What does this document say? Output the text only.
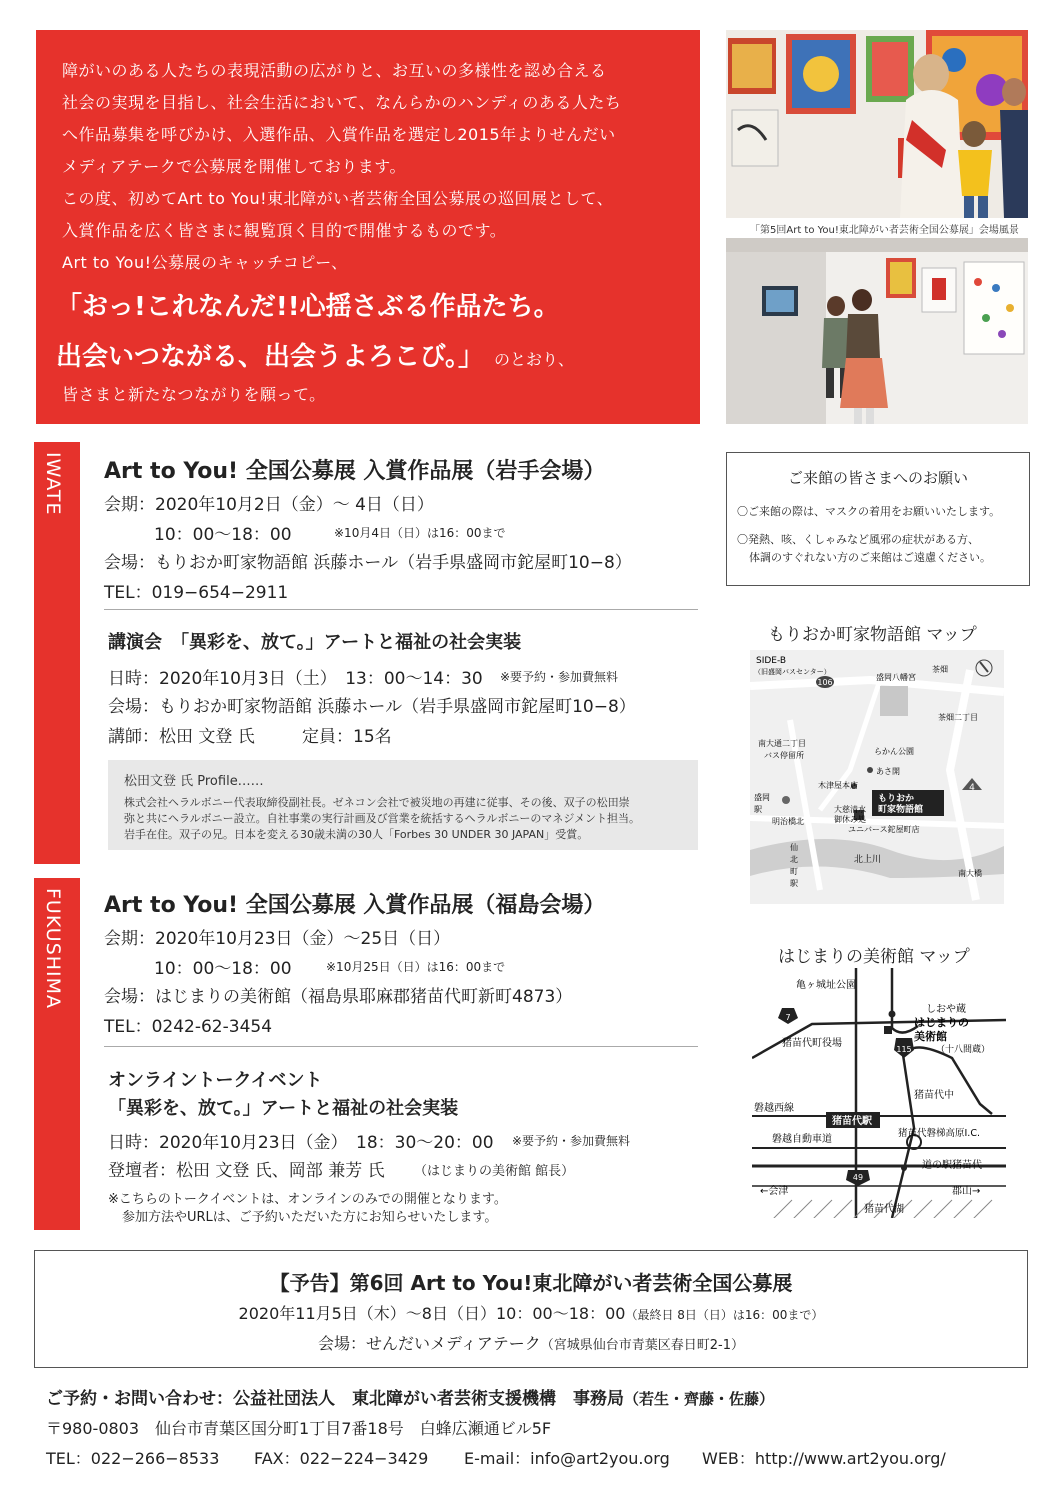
障がいのある人たちの表現活動の広がりと、お互いの多様性を認め合える
社会の実現を目指し、社会生活において、なんらかのハンディのある人たち
へ作品募集を呼びかけ、入選作品、入賞作品を選定し2015年よりせんだい
メディアテークで公募展を開催しております。
この度、初めてArt to You!東北障がい者芸術全国公募展の巡回展として、
入賞作品を広く皆さまに観覧頂く目的で開催するものです。
Art to You!公募展のキャッチコピー、
「おっ!これなんだ!!心揺さぶる作品たち。
出会いつながる、出会うよろこび。」 のとおり、
皆さまと新たなつながりを願って。
「第5回Art to You!東北障がい者芸術全国公募展」会場風景
IWATE Art to You! 全国公募展 入賞作品展（岩手会場）
会期：2020年10月2日（金）～ 4日（日）
10：00～18：00	※10月4日（日）は16：00まで
会場：もりおか町家物語館 浜藤ホール（岩手県盛岡市鉈屋町10−8）
TEL：019−654−2911
講演会　「異彩を、放て。」アートと福祉の社会実装
日時：2020年10月3日（土）　13：00～14：30 ※要予約・参加費無料
会場：もりおか町家物語館 浜藤ホール（岩手県盛岡市鉈屋町10−8）
講師：松田 文登 氏	定員：15名
松田文登 氏 Profile……
株式会社ヘラルボニー代表取締役副社長。ゼネコン会社で被災地の再建に従事、その後、双子の松田崇
弥と共にヘラルボニー設立。自社事業の実行計画及び営業を統括するヘラルボニーのマネジメント担当。
岩手在住。双子の兄。日本を変える30歳未満の30人「Forbes 30 UNDER 30 JAPAN」受賞。
FUKUSHIMA Art to You! 全国公募展 入賞作品展（福島会場）
会期：2020年10月23日（金）～25日（日）
10：00～18：00	※10月25日（日）は16：00まで
会場：はじまりの美術館（福島県耶麻郡猪苗代町新町4873）
TEL：0242-62-3454
オンライントークイベント
「異彩を、放て。」アートと福祉の社会実装
日時：2020年10月23日（金）　18：30～20：00 ※要予約・参加費無料
登壇者：松田 文登 氏、岡部 兼芳 氏 （はじまりの美術館 館長）
※こちらのトークイベントは、オンラインのみでの開催となります。
参加方法やURLは、ご予約いただいた方にお知らせいたします。
ご来館の皆さまへのお願い
〇ご来館の際は、マスクの着用をお願いいたします。
〇発熱、咳、くしゃみなど風邪の症状がある方、
体調のすぐれない方のご来館はご遠慮ください。
もりおか町家物語館 マップ
106
4
SIDE-B
（旧盛岡バスセンター）
盛岡八幡宮
茶畑
茶畑二丁目
南大通二丁目
バス停留所	らかん公園
あさ開
木津屋本店
盛岡
駅
明治橋北
大慈清水
御休み処
もりおか
町家物語館
ユニバース鉈屋町店
北上川
仙
北
町
駅
南大橋
はじまりの美術館 マップ
7
115
49
猪苗代駅
亀ヶ城址公園
しおや蔵
はじまりの
美術館
（十八間蔵）
猪苗代町役場
猪苗代中
磐越西線
磐越自動車道
猪苗代磐梯高原I.C.
道の駅猪苗代
←会津	郡山→
猪苗代湖
【予告】第6回 Art to You!東北障がい者芸術全国公募展
2020年11月5日（木）～8日（日）10：00～18：00（最終日 8日（日）は16：00まで）
会場：せんだいメディアテーク（宮城県仙台市青葉区春日町2-1）
ご予約・お問い合わせ：公益社団法人　東北障がい者芸術支援機構　事務局（若生・齊藤・佐藤）
〒980-0803　仙台市青葉区国分町1丁目7番18号　白蜂広瀬通ビル5F
TEL：022−266−8533 FAX：022−224−3429 E-mail：info@art2you.org WEB：http://www.art2you.org/
